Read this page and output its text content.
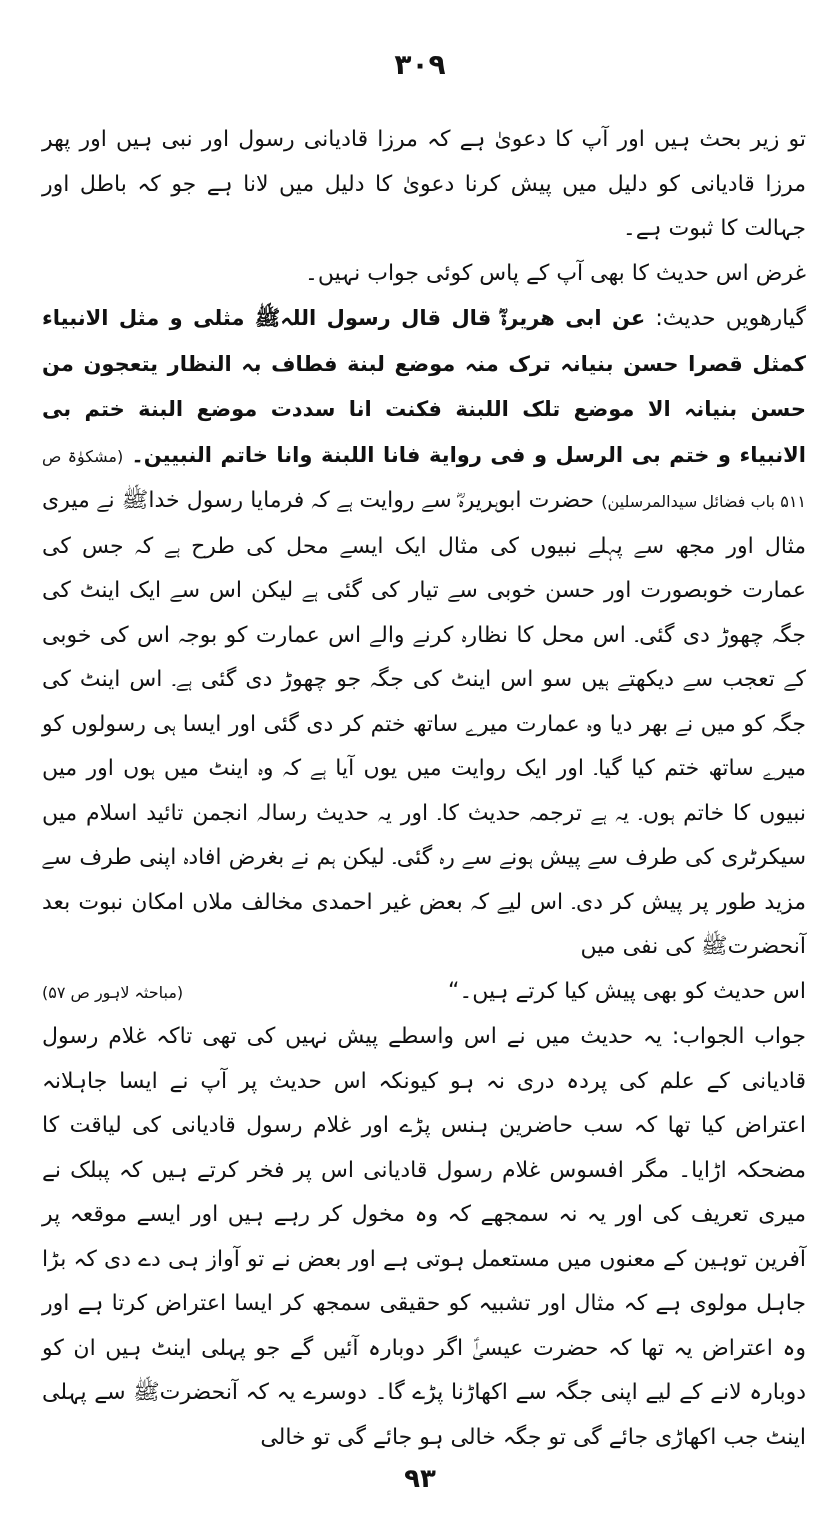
۳۰۹

تو زیر بحث ہیں اور آپ کا دعویٰ ہے کہ مرزا قادیانی رسول اور نبی ہیں اور پھر مرزا قادیانی کو دلیل میں پیش کرنا دعویٰ کا دلیل میں لانا ہے جو کہ باطل اور جہالت کا ثبوت ہے۔

غرض اس حدیث کا بھی آپ کے پاس کوئی جواب نہیں۔

گیارھویں حدیث: عن ابی ھریرةؓ قال قال رسول اللہﷺ مثلی و مثل الانبیاء کمثل قصرا حسن بنیانہ ترک منہ موضع لبنة فطاف بہ النظار یتعجون من حسن بنیانہ الا موضع تلک اللبنة فکنت انا سددت موضع البنة ختم بی الانبیاء و ختم بی الرسل و فی روایة فانا اللبنة وانا خاتم النبیین۔ (مشکوٰۃ ص ۵۱۱ باب فضائل سیدالمرسلین) حضرت ابوہریرہؓ سے روایت ہے کہ فرمایا رسول خداﷺ نے میری مثال اور مجھ سے پہلے نبیوں کی مثال ایک ایسے محل کی طرح ہے کہ جس کی عمارت خوبصورت اور حسن خوبی سے تیار کی گئی ہے لیکن اس سے ایک اینٹ کی جگہ چھوڑ دی گئی۔ اس محل کا نظارہ کرنے والے اس عمارت کو بوجہ اس کی خوبی کے تعجب سے دیکھتے ہیں سو اس اینٹ کی جگہ جو چھوڑ دی گئی ہے۔ اس اینٹ کی جگہ کو میں نے بھر دیا وہ عمارت میرے ساتھ ختم کر دی گئی اور ایسا ہی رسولوں کو میرے ساتھ ختم کیا گیا۔ اور ایک روایت میں یوں آیا ہے کہ وہ اینٹ میں ہوں اور میں نبیوں کا خاتم ہوں۔ یہ ہے ترجمہ حدیث کا۔ اور یہ حدیث رسالہ انجمن تائید اسلام میں سیکرٹری کی طرف سے پیش ہونے سے رہ گئی۔ لیکن ہم نے بغرض افادہ اپنی طرف سے مزید طور پر پیش کر دی۔ اس لیے کہ بعض غیر احمدی مخالف ملاں امکان نبوت بعد آنحضرتﷺ کی نفی میں

اس حدیث کو بھی پیش کیا کرتے ہیں۔“
(مباحثہ لاہور ص ۵۷)

جواب الجواب: یہ حدیث میں نے اس واسطے پیش نہیں کی تھی تاکہ غلام رسول قادیانی کے علم کی پردہ دری نہ ہو کیونکہ اس حدیث پر آپ نے ایسا جاہلانہ اعتراض کیا تھا کہ سب حاضرین ہنس پڑے اور غلام رسول قادیانی کی لیاقت کا مضحکہ اڑایا۔ مگر افسوس غلام رسول قادیانی اس پر فخر کرتے ہیں کہ پبلک نے میری تعریف کی اور یہ نہ سمجھے کہ وہ مخول کر رہے ہیں اور ایسے موقعہ پر آفرین توہین کے معنوں میں مستعمل ہوتی ہے اور بعض نے تو آواز ہی دے دی کہ بڑا جاہل مولوی ہے کہ مثال اور تشبیہ کو حقیقی سمجھ کر ایسا اعتراض کرتا ہے اور وہ اعتراض یہ تھا کہ حضرت عیسیٰؑ اگر دوبارہ آئیں گے جو پہلی اینٹ ہیں ان کو دوبارہ لانے کے لیے اپنی جگہ سے اکھاڑنا پڑے گا۔ دوسرے یہ کہ آنحضرتﷺ سے پہلی اینٹ جب اکھاڑی جائے گی تو جگہ خالی ہو جائے گی تو خالی

۹۳
